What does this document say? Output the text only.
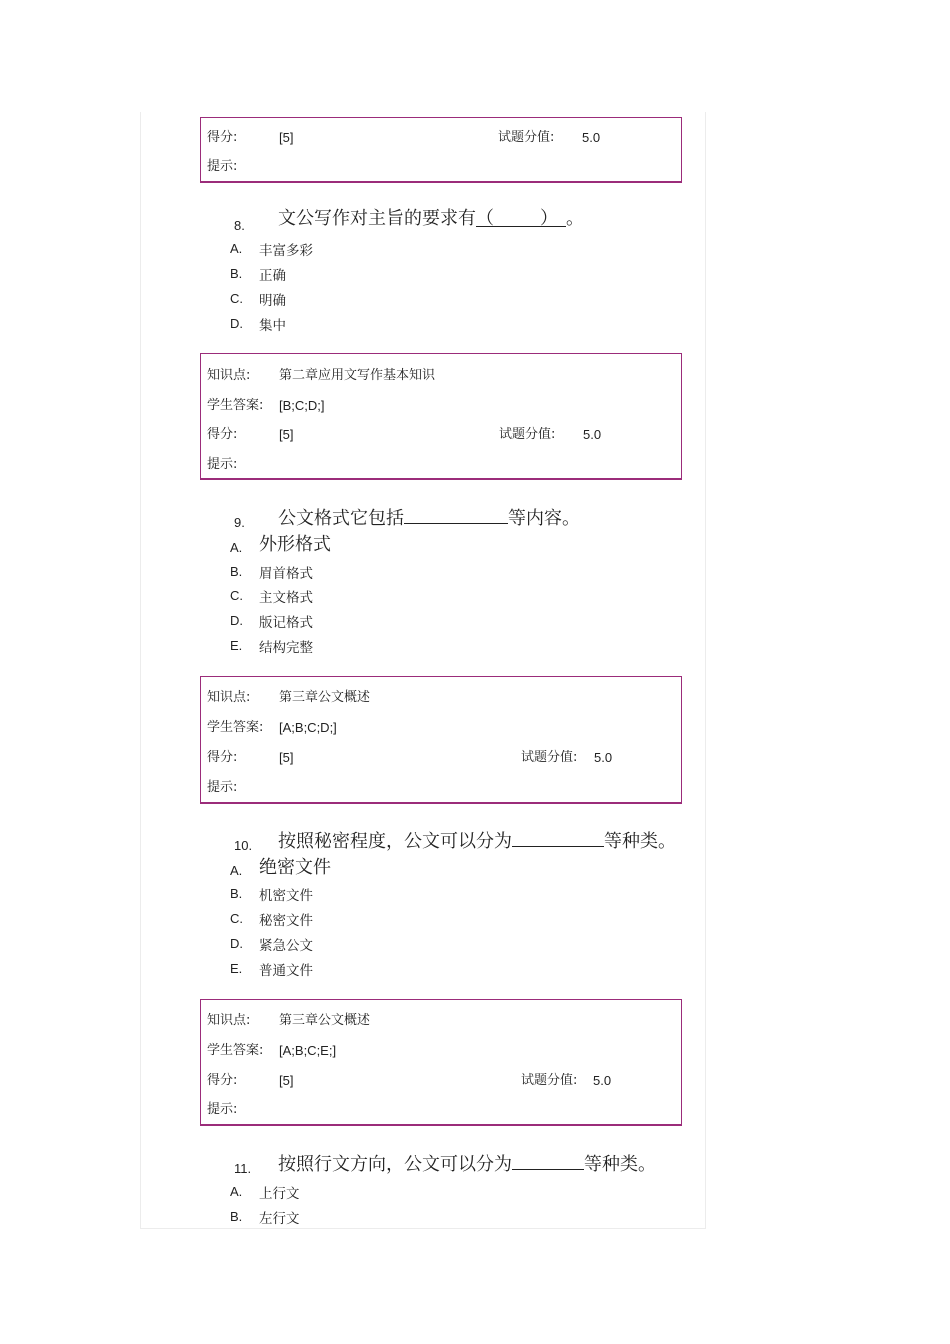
得分:	[5]	试题分值: 5.0
提示:
8. 文公写作对主旨的要求有（	） 。
A. 丰富多彩
B. 正确
C. 明确
D. 集中
知识点: 第二章应用文写作基本知识
学生答案: [B;C;D;]
得分:	[5]	试题分值: 5.0
提示:
9. 公文格式它包括	等内容。
A. 外形格式
B. 眉首格式
C. 主文格式
D. 版记格式
E. 结构完整
知识点: 第三章公文概述
学生答案: [A;B;C;D;]
得分:	[5]	试题分值: 5.0
提示:
10. 按照秘密程度，公文可以分为	等种类。
A. 绝密文件
B. 机密文件
C. 秘密文件
D. 紧急公文
E. 普通文件
知识点: 第三章公文概述
学生答案: [A;B;C;E;]
得分:	[5]	试题分值: 5.0
提示:
11. 按照行文方向，公文可以分为	等种类。
A. 上行文
B. 左行文
